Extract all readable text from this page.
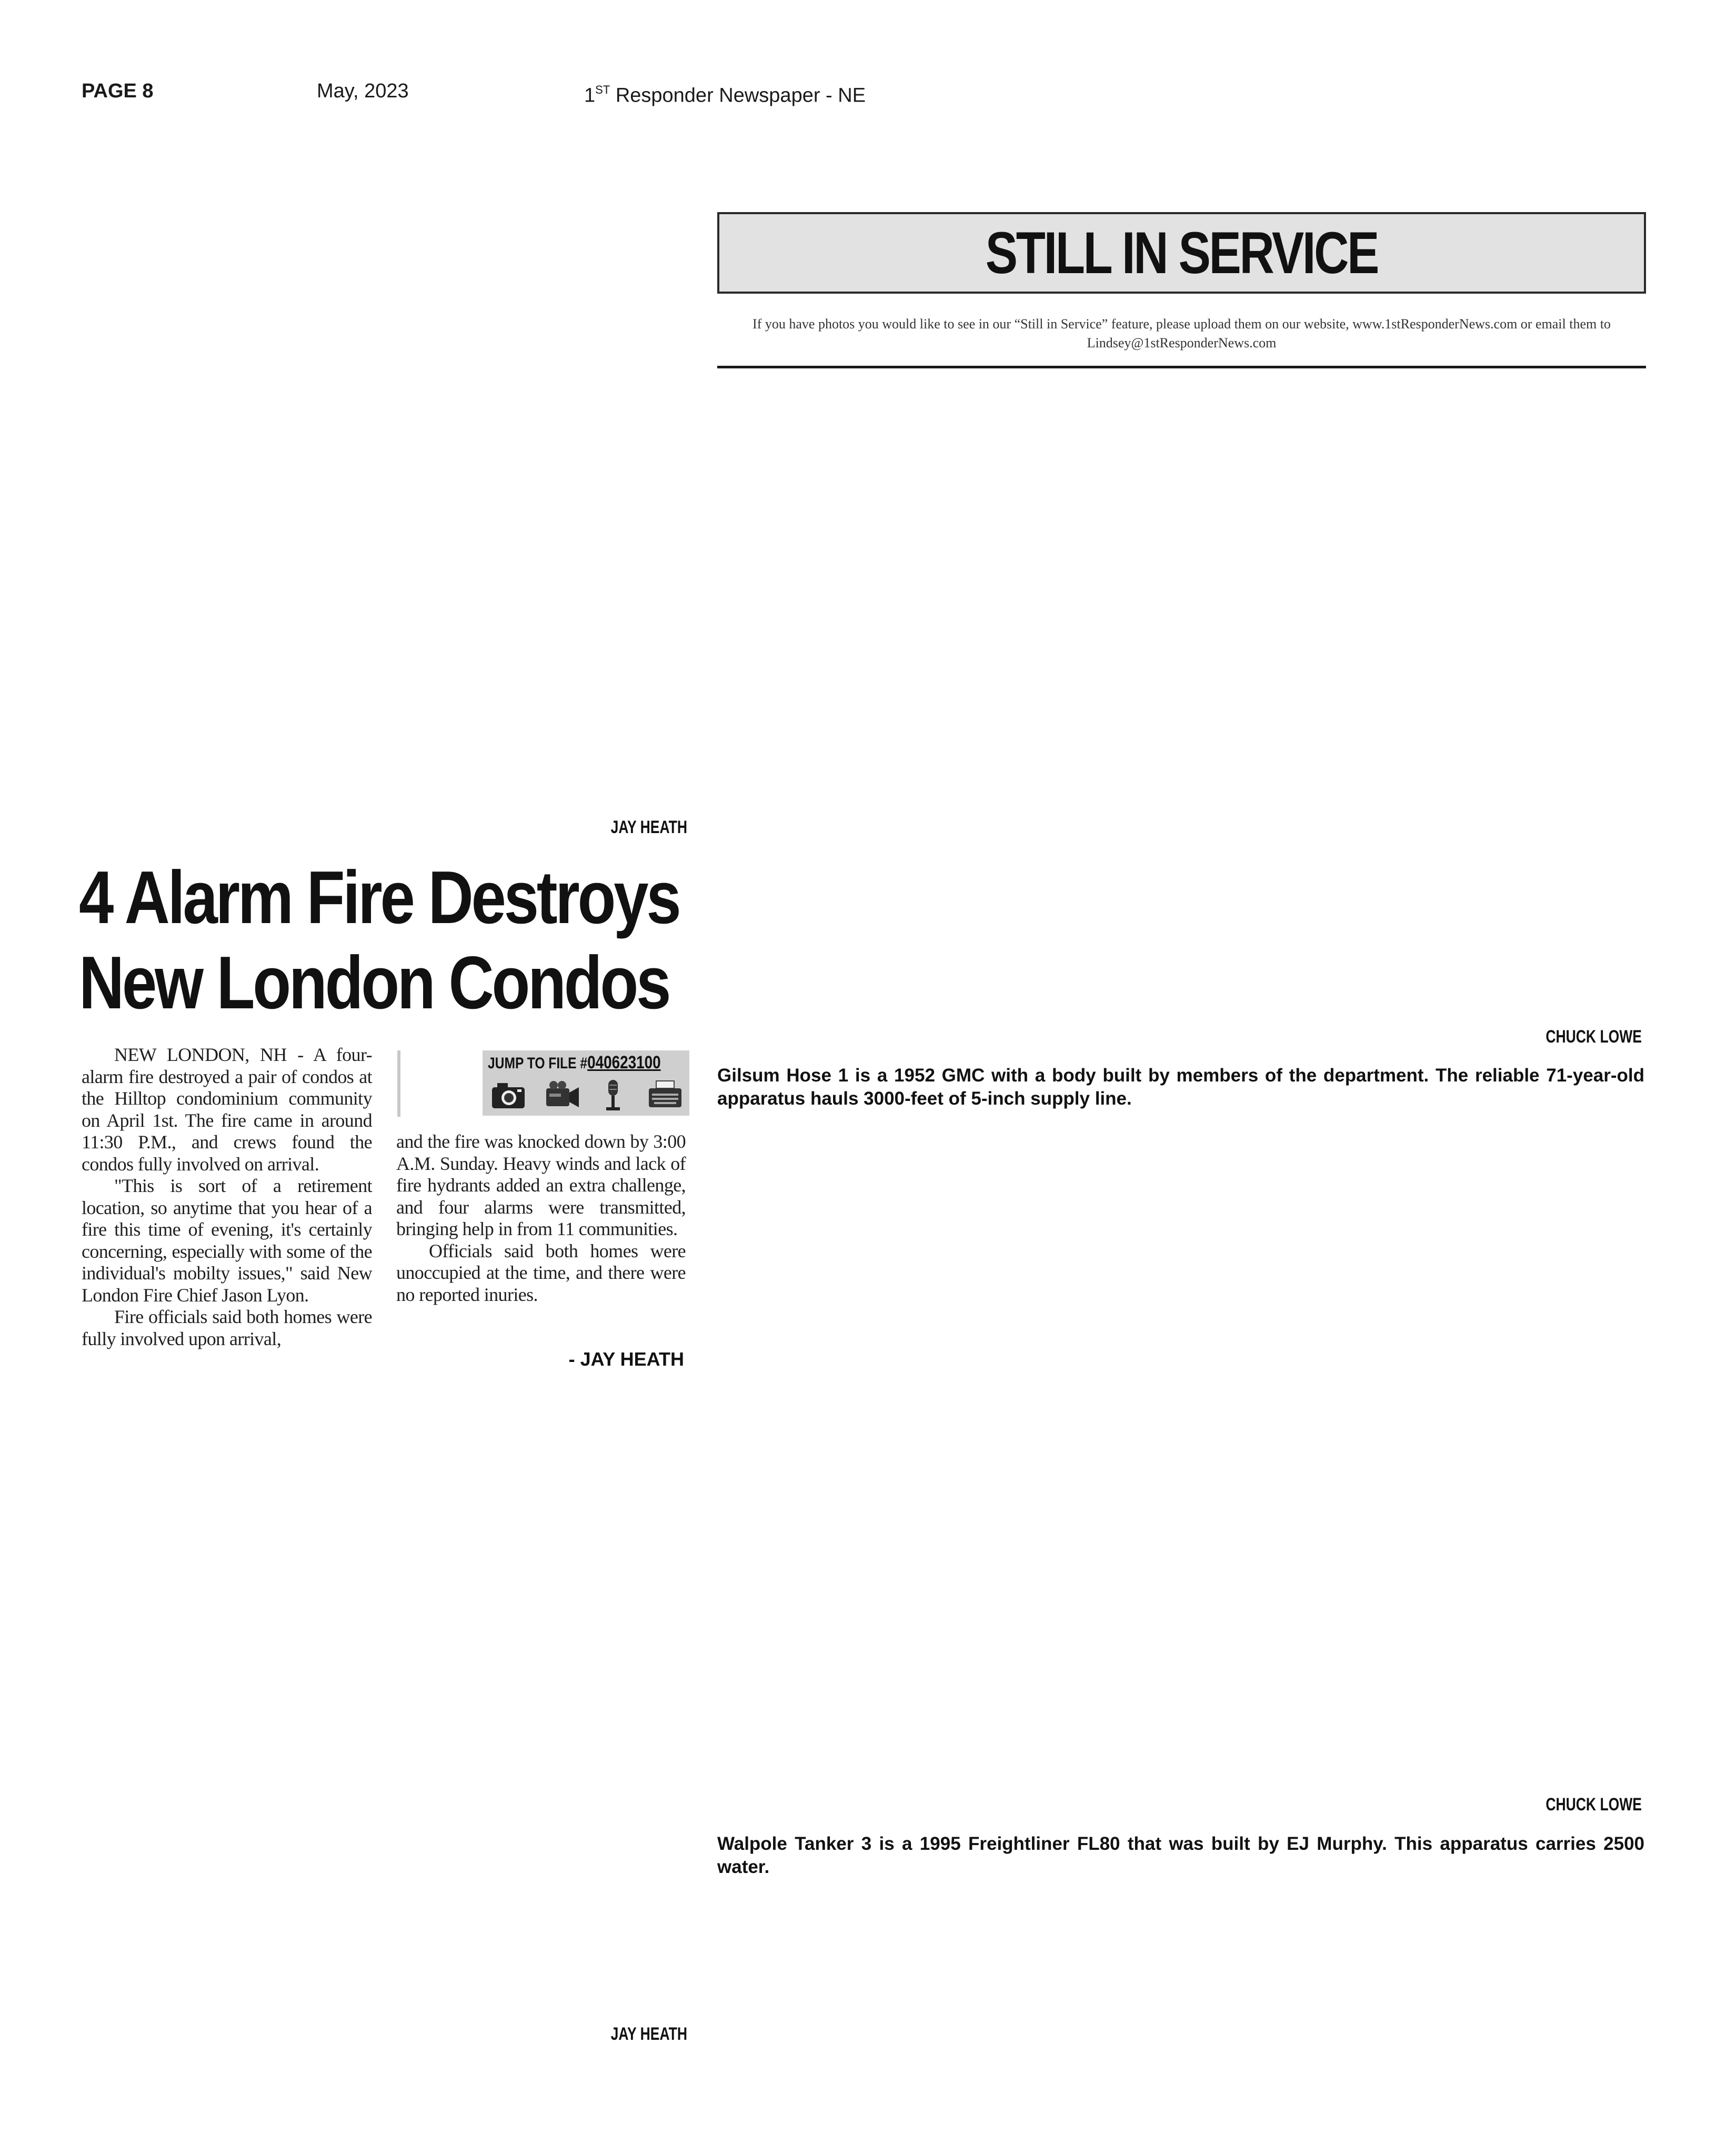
PAGE 8	May, 2023	1ST Responder Newspaper - NE
STILL IN SERVICE
If you have photos you would like to see in our “Still in Service” feature, please upload them on our website, www.1stResponderNews.com or email them to Lindsey@1stResponderNews.com
JAY HEATH
CHUCK LOWE
CHUCK LOWE
JAY HEATH
4 Alarm Fire Destroys
New London Condos

NEW LONDON, NH - A four-alarm fire destroyed a pair of condos at the Hilltop condominium community on April 1st. The fire came in around 11:30 P.M., and crews found the condos fully involved on arrival.

"This is sort of a retirement location, so anytime that you hear of a fire this time of evening, it's certainly concerning, especially with some of the individual's mobilty issues," said New London Fire Chief Jason Lyon.

Fire officials said both homes were fully involved upon arrival,

JUMP TO FILE #040623100

and the fire was knocked down by 3:00 A.M. Sunday. Heavy winds and lack of fire hydrants added an extra challenge, and four alarms were transmitted, bringing help in from 11 communities.

Officials said both homes were unoccupied at the time, and there were no reported inuries.

- JAY HEATH
Gilsum Hose 1 is a 1952 GMC with a body built by members of the department. The reliable 71-year-old apparatus hauls 3000-feet of 5-inch supply line.
Walpole Tanker 3 is a 1995 Freightliner FL80 that was built by EJ Murphy. This apparatus carries 2500 water.
